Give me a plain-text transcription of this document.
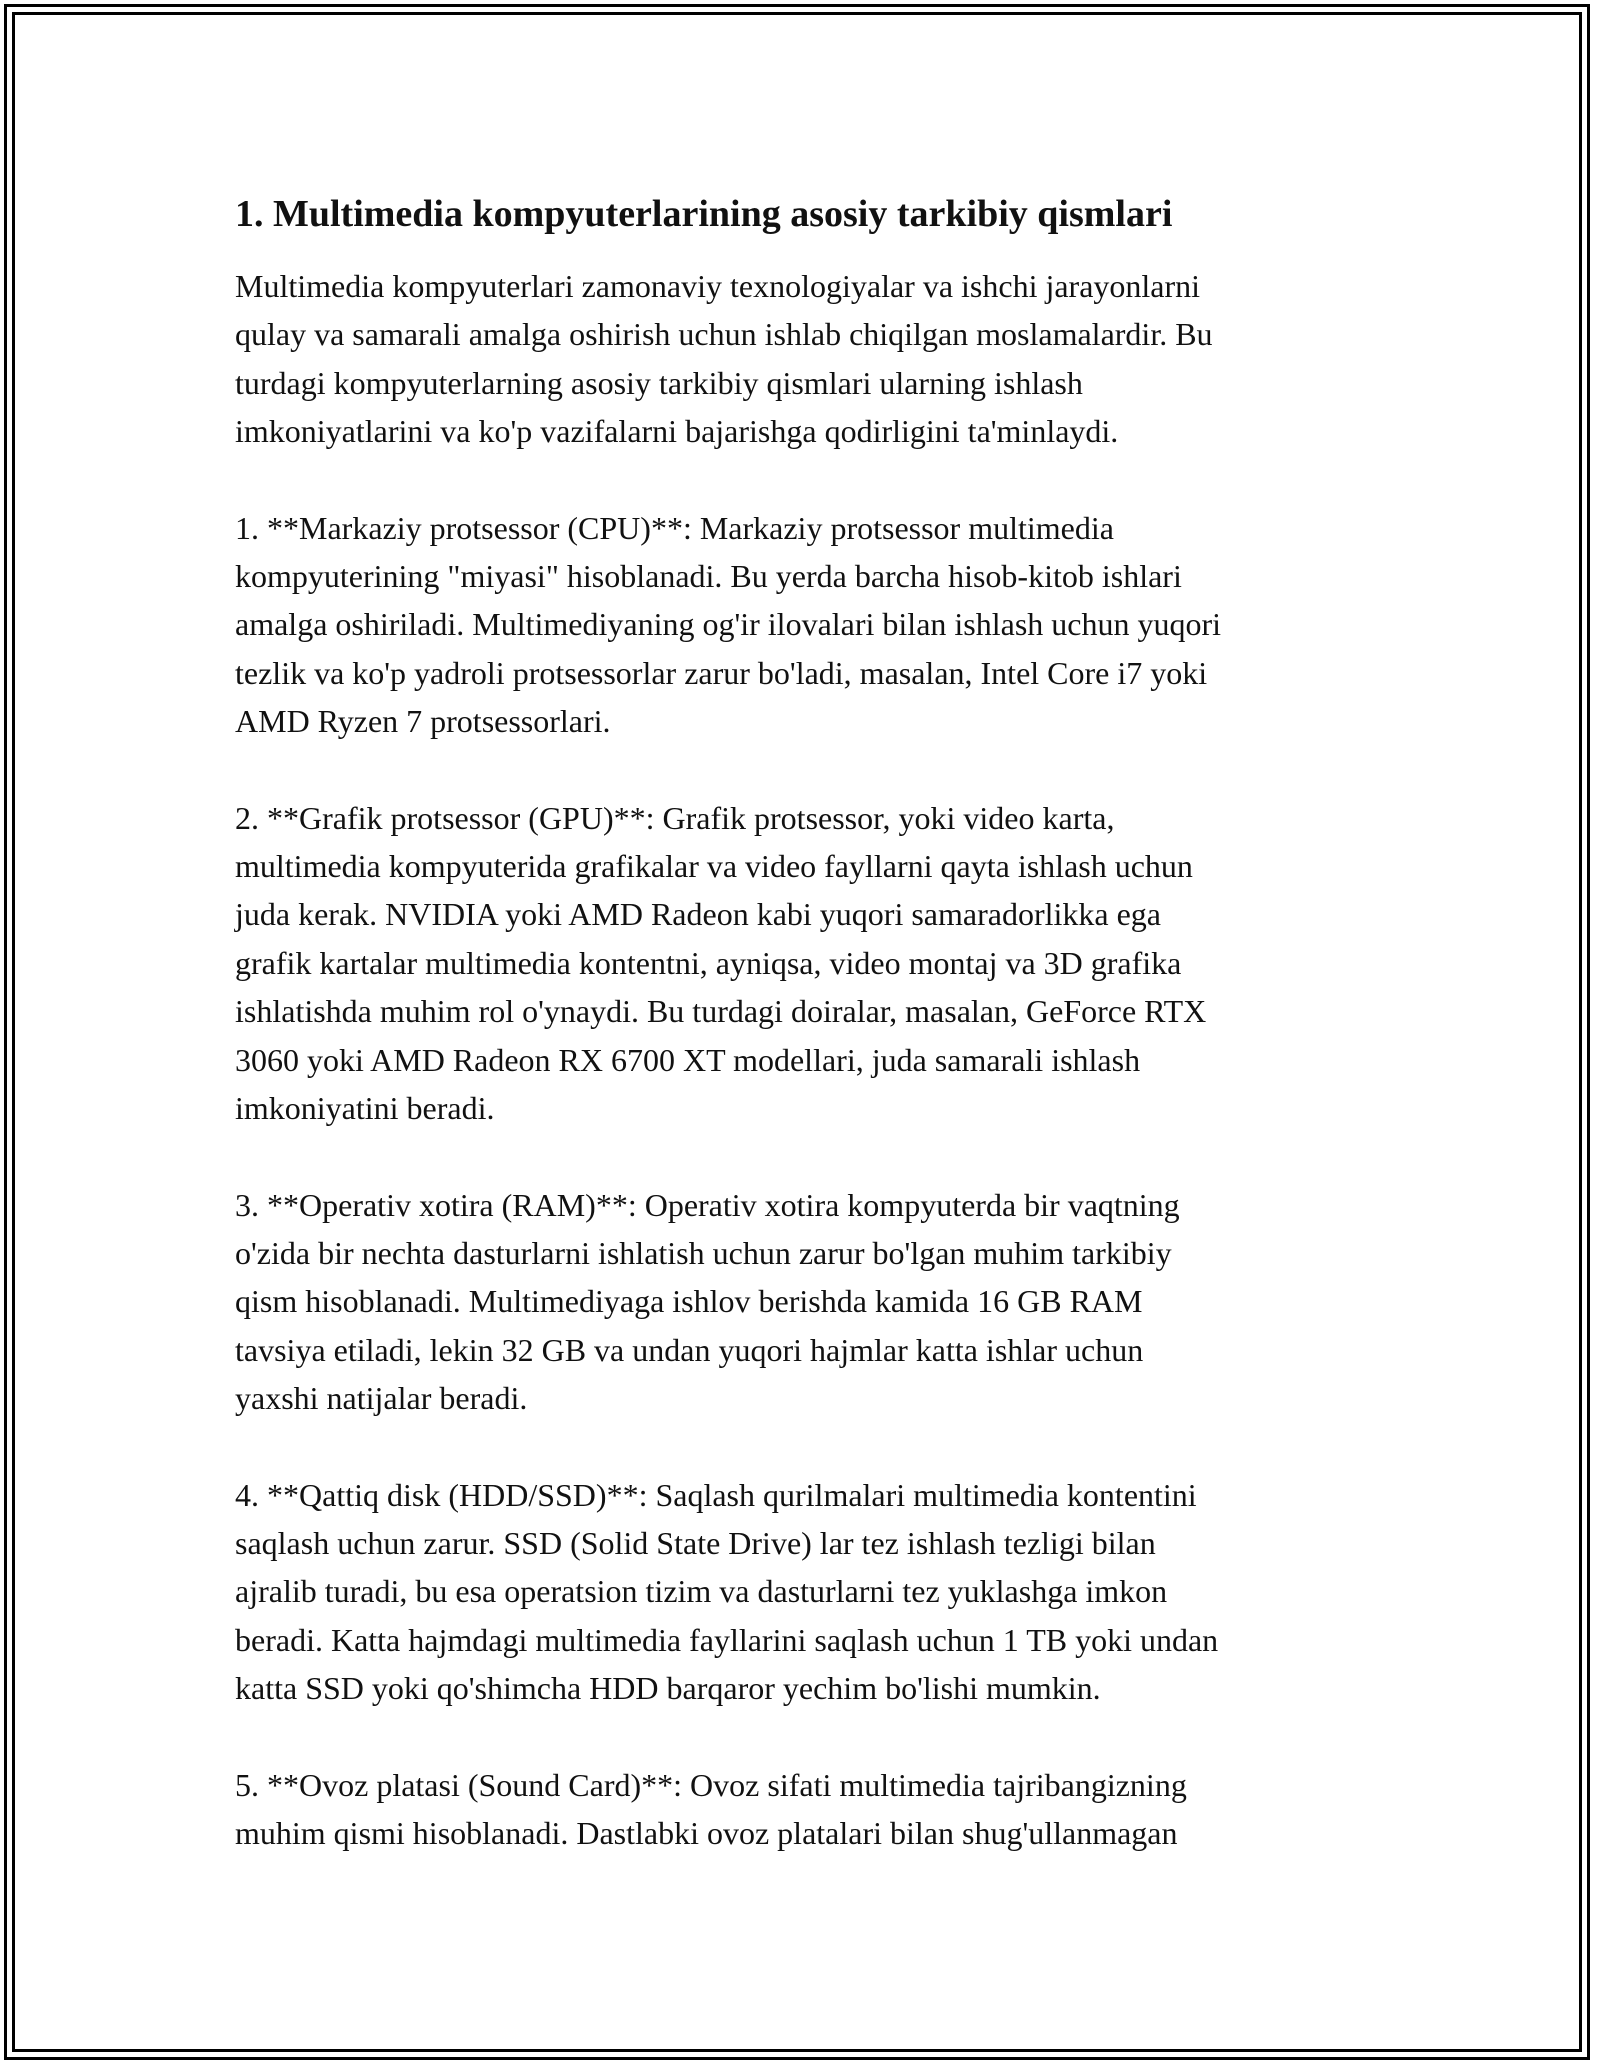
1. Multimedia kompyuterlarining asosiy tarkibiy qismlari

Multimedia kompyuterlari zamonaviy texnologiyalar va ishchi jarayonlarni
qulay va samarali amalga oshirish uchun ishlab chiqilgan moslamalardir. Bu
turdagi kompyuterlarning asosiy tarkibiy qismlari ularning ishlash
imkoniyatlarini va ko'p vazifalarni bajarishga qodirligini ta'minlaydi.

1. **Markaziy protsessor (CPU)**: Markaziy protsessor multimedia
kompyuterining "miyasi" hisoblanadi. Bu yerda barcha hisob-kitob ishlari
amalga oshiriladi. Multimediyaning og'ir ilovalari bilan ishlash uchun yuqori
tezlik va ko'p yadroli protsessorlar zarur bo'ladi, masalan, Intel Core i7 yoki
AMD Ryzen 7 protsessorlari.

2. **Grafik protsessor (GPU)**: Grafik protsessor, yoki video karta,
multimedia kompyuterida grafikalar va video fayllarni qayta ishlash uchun
juda kerak. NVIDIA yoki AMD Radeon kabi yuqori samaradorlikka ega
grafik kartalar multimedia kontentni, ayniqsa, video montaj va 3D grafika
ishlatishda muhim rol o'ynaydi. Bu turdagi doiralar, masalan, GeForce RTX
3060 yoki AMD Radeon RX 6700 XT modellari, juda samarali ishlash
imkoniyatini beradi.

3. **Operativ xotira (RAM)**: Operativ xotira kompyuterda bir vaqtning
o'zida bir nechta dasturlarni ishlatish uchun zarur bo'lgan muhim tarkibiy
qism hisoblanadi. Multimediyaga ishlov berishda kamida 16 GB RAM
tavsiya etiladi, lekin 32 GB va undan yuqori hajmlar katta ishlar uchun
yaxshi natijalar beradi.

4. **Qattiq disk (HDD/SSD)**: Saqlash qurilmalari multimedia kontentini
saqlash uchun zarur. SSD (Solid State Drive) lar tez ishlash tezligi bilan
ajralib turadi, bu esa operatsion tizim va dasturlarni tez yuklashga imkon
beradi. Katta hajmdagi multimedia fayllarini saqlash uchun 1 TB yoki undan
katta SSD yoki qo'shimcha HDD barqaror yechim bo'lishi mumkin.

5. **Ovoz platasi (Sound Card)**: Ovoz sifati multimedia tajribangizning
muhim qismi hisoblanadi. Dastlabki ovoz platalari bilan shug'ullanmagan
